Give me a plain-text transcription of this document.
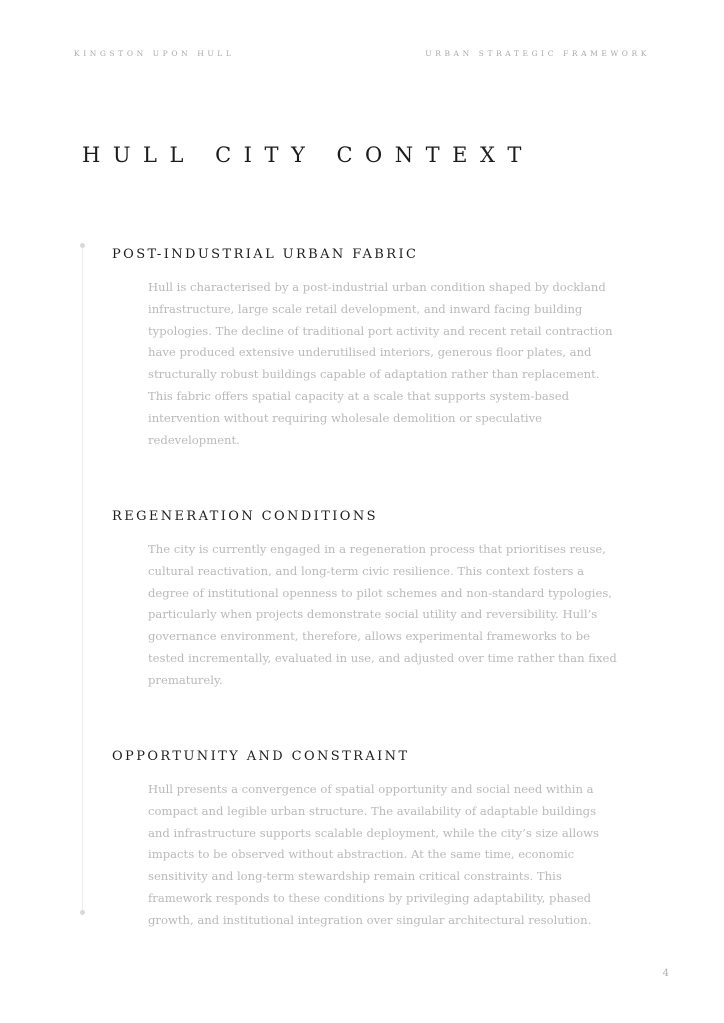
KINGSTON UPON HULL	URBAN STRATEGIC FRAMEWORK
HULL CITY CONTEXT
POST-INDUSTRIAL URBAN FABRIC

Hull is characterised by a post-industrial urban condition shaped by dockland infrastructure, large scale retail development, and inward facing building typologies. The decline of traditional port activity and recent retail contraction have produced extensive underutilised interiors, generous floor plates, and structurally robust buildings capable of adaptation rather than replacement. This fabric offers spatial capacity at a scale that supports system-based intervention without requiring wholesale demolition or speculative redevelopment.

REGENERATION CONDITIONS

The city is currently engaged in a regeneration process that prioritises reuse, cultural reactivation, and long-term civic resilience. This context fosters a degree of institutional openness to pilot schemes and non-standard typologies, particularly when projects demonstrate social utility and reversibility. Hull’s governance environment, therefore, allows experimental frameworks to be tested incrementally, evaluated in use, and adjusted over time rather than fixed prematurely.

OPPORTUNITY AND CONSTRAINT

Hull presents a convergence of spatial opportunity and social need within a compact and legible urban structure. The availability of adaptable buildings and infrastructure supports scalable deployment, while the city’s size allows impacts to be observed without abstraction. At the same time, economic sensitivity and long-term stewardship remain critical constraints. This framework responds to these conditions by privileging adaptability, phased growth, and institutional integration over singular architectural resolution.

4
